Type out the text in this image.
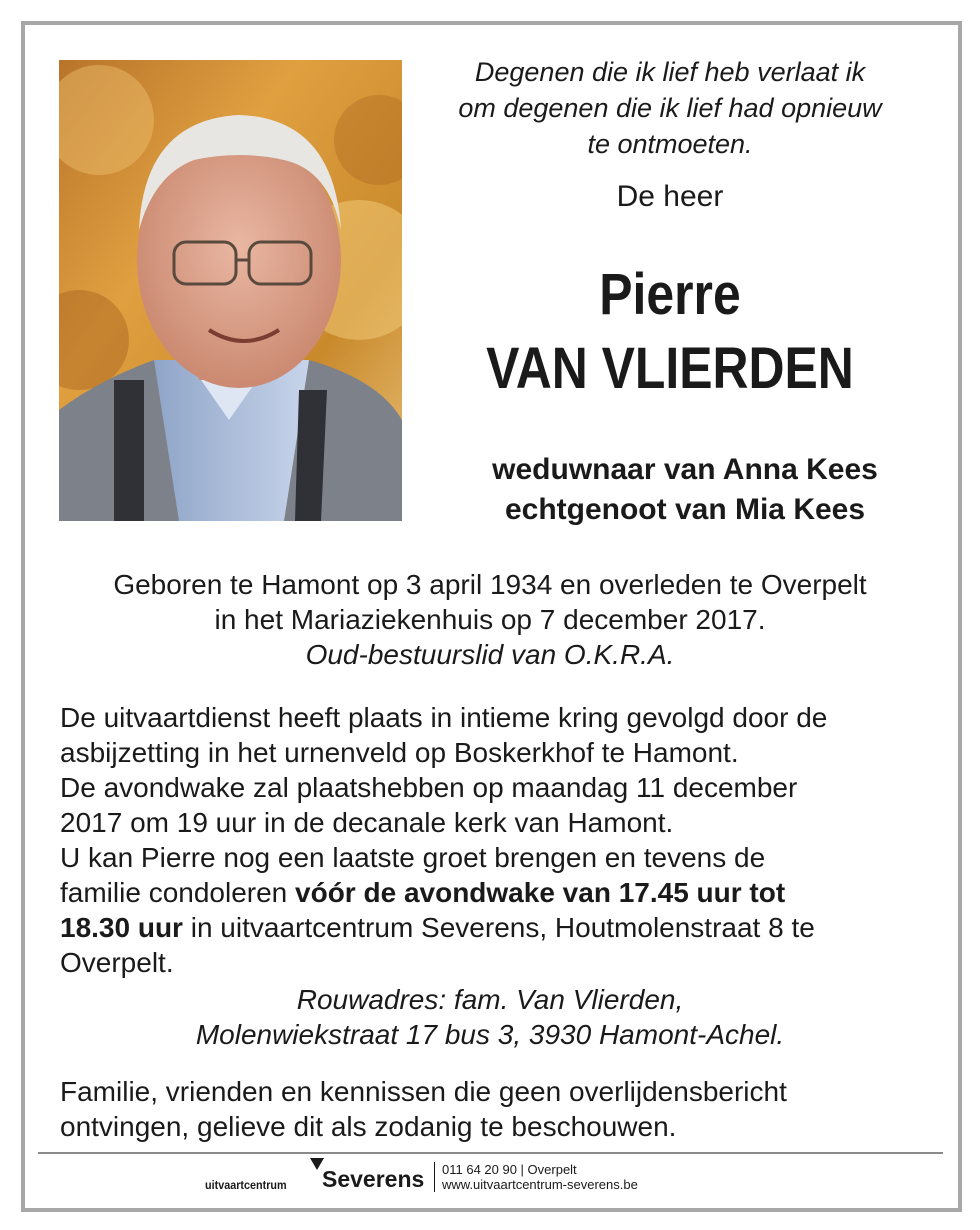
Degenen die ik lief heb verlaat ik
om degenen die ik lief had opnieuw
te ontmoeten.
De heer
Pierre
VAN VLIERDEN
weduwnaar van Anna Kees
echtgenoot van Mia Kees
Geboren te Hamont op 3 april 1934 en overleden te Overpelt
in het Mariaziekenhuis op 7 december 2017.
Oud-bestuurslid van O.K.R.A.
De uitvaartdienst heeft plaats in intieme kring gevolgd door de
asbijzetting in het urnenveld op Boskerkhof te Hamont.
De avondwake zal plaatshebben op maandag 11 december
2017 om 19 uur in de decanale kerk van Hamont.
U kan Pierre nog een laatste groet brengen en tevens de
familie condoleren vóór de avondwake van 17.45 uur tot
18.30 uur in uitvaartcentrum Severens, Houtmolenstraat 8 te
Overpelt.
Rouwadres: fam. Van Vlierden,
Molenwiekstraat 17 bus 3, 3930 Hamont-Achel.
Familie, vrienden en kennissen die geen overlijdensbericht
ontvingen, gelieve dit als zodanig te beschouwen.
uitvaartcentrum Severens 011 64 20 90 | Overpelt
www.uitvaartcentrum-severens.be
